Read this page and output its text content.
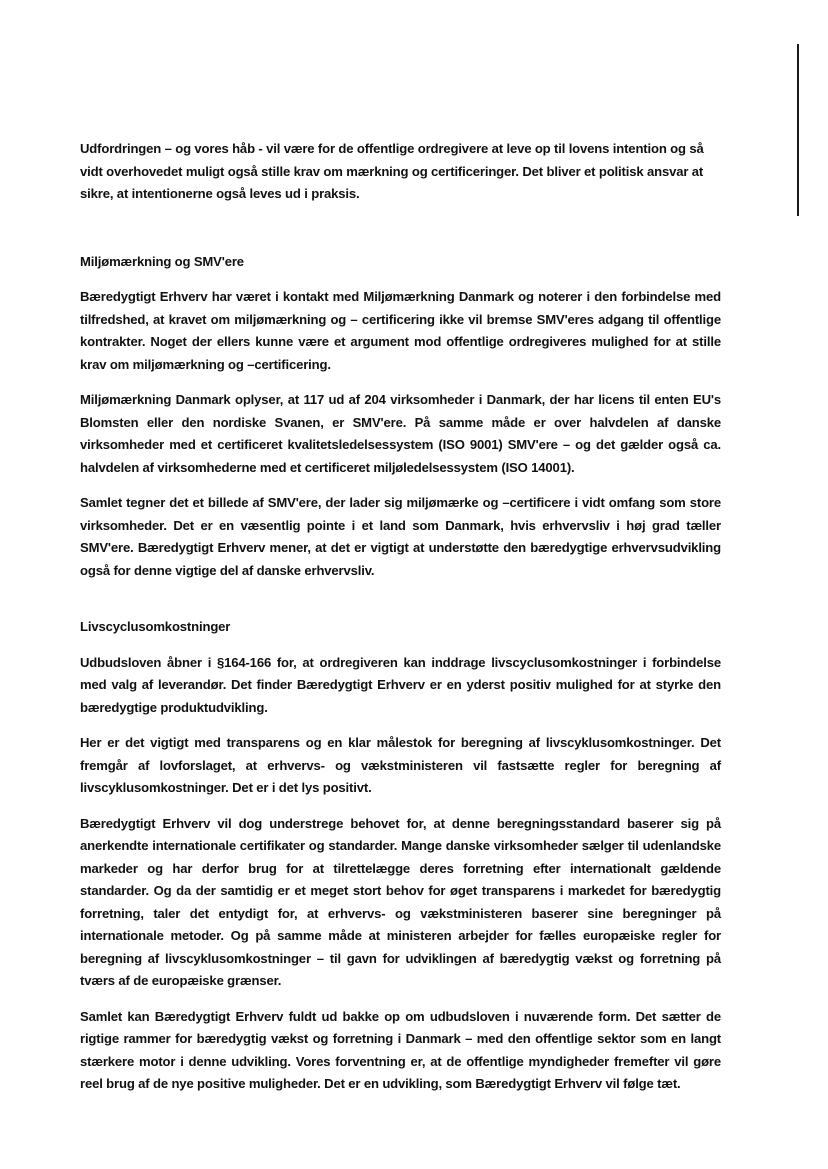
Udfordringen – og vores håb - vil være for de offentlige ordregivere at leve op til lovens intention og så vidt overhovedet muligt også stille krav om mærkning og certificeringer. Det bliver et politisk ansvar at sikre, at intentionerne også leves ud i praksis.

Miljømærkning og SMV'ere

Bæredygtigt Erhverv har været i kontakt med Miljømærkning Danmark og noterer i den forbindelse med tilfredshed, at kravet om miljømærkning og – certificering ikke vil bremse SMV'eres adgang til offentlige kontrakter. Noget der ellers kunne være et argument mod offentlige ordregiveres mulighed for at stille krav om miljømærkning og –certificering.

Miljømærkning Danmark oplyser, at 117 ud af 204 virksomheder i Danmark, der har licens til enten EU's Blomsten eller den nordiske Svanen, er SMV'ere. På samme måde er over halvdelen af danske virksomheder med et certificeret kvalitetsledelsessystem (ISO 9001) SMV'ere – og det gælder også ca. halvdelen af virksomhederne med et certificeret miljøledelsessystem (ISO 14001).

Samlet tegner det et billede af SMV'ere, der lader sig miljømærke og –certificere i vidt omfang som store virksomheder. Det er en væsentlig pointe i et land som Danmark, hvis erhvervsliv i høj grad tæller SMV'ere. Bæredygtigt Erhverv mener, at det er vigtigt at understøtte den bæredygtige erhvervsudvikling også for denne vigtige del af danske erhvervsliv.

Livscyclusomkostninger

Udbudsloven åbner i §164-166 for, at ordregiveren kan inddrage livscyclusomkostninger i forbindelse med valg af leverandør. Det finder Bæredygtigt Erhverv er en yderst positiv mulighed for at styrke den bæredygtige produktudvikling.

Her er det vigtigt med transparens og en klar målestok for beregning af livscyklusomkostninger. Det fremgår af lovforslaget, at erhvervs- og vækstministeren vil fastsætte regler for beregning af livscyklusomkostninger. Det er i det lys positivt.

Bæredygtigt Erhverv vil dog understrege behovet for, at denne beregningsstandard baserer sig på anerkendte internationale certifikater og standarder. Mange danske virksomheder sælger til udenlandske markeder og har derfor brug for at tilrettelægge deres forretning efter internationalt gældende standarder. Og da der samtidig er et meget stort behov for øget transparens i markedet for bæredygtig forretning, taler det entydigt for, at erhvervs- og vækstministeren baserer sine beregninger på internationale metoder. Og på samme måde at ministeren arbejder for fælles europæiske regler for beregning af livscyklusomkostninger – til gavn for udviklingen af bæredygtig vækst og forretning på tværs af de europæiske grænser.

Samlet kan Bæredygtigt Erhverv fuldt ud bakke op om udbudsloven i nuværende form. Det sætter de rigtige rammer for bæredygtig vækst og forretning i Danmark – med den offentlige sektor som en langt stærkere motor i denne udvikling. Vores forventning er, at de offentlige myndigheder fremefter vil gøre reel brug af de nye positive muligheder. Det er en udvikling, som Bæredygtigt Erhverv vil følge tæt.
